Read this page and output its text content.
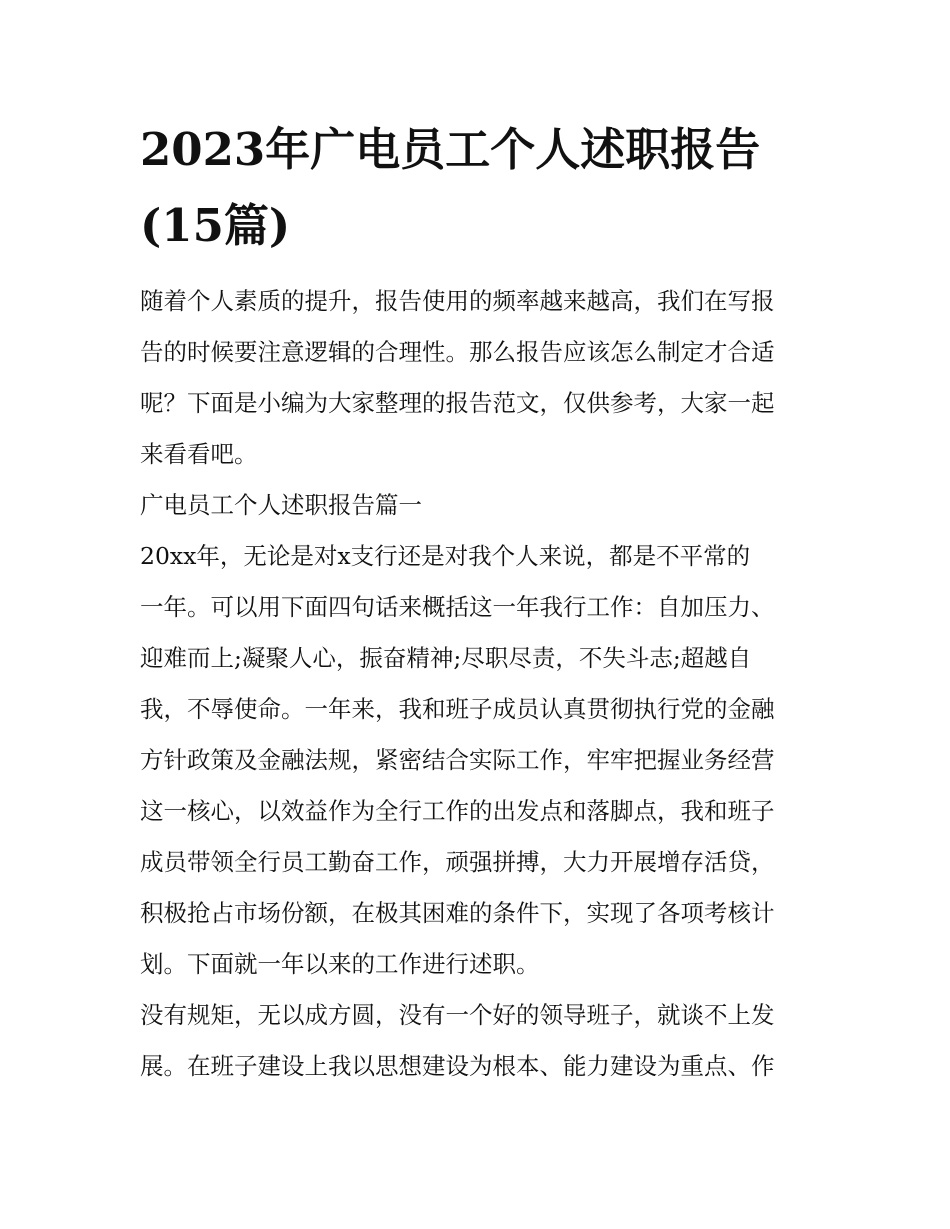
2023年广电员工个人述职报告
(15篇)

随着个人素质的提升，报告使用的频率越来越高，我们在写报
告的时候要注意逻辑的合理性。那么报告应该怎么制定才合适
呢？下面是小编为大家整理的报告范文，仅供参考，大家一起
来看看吧。

广电员工个人述职报告篇一

20xx年，无论是对x支行还是对我个人来说，都是不平常的
一年。可以用下面四句话来概括这一年我行工作：自加压力、
迎难而上;凝聚人心，振奋精神;尽职尽责，不失斗志;超越自
我，不辱使命。一年来，我和班子成员认真贯彻执行党的金融
方针政策及金融法规，紧密结合实际工作，牢牢把握业务经营
这一核心，以效益作为全行工作的出发点和落脚点，我和班子
成员带领全行员工勤奋工作，顽强拼搏，大力开展增存活贷，
积极抢占市场份额，在极其困难的条件下，实现了各项考核计
划。下面就一年以来的工作进行述职。

没有规矩，无以成方圆，没有一个好的领导班子，就谈不上发
展。在班子建设上我以思想建设为根本、能力建设为重点、作
